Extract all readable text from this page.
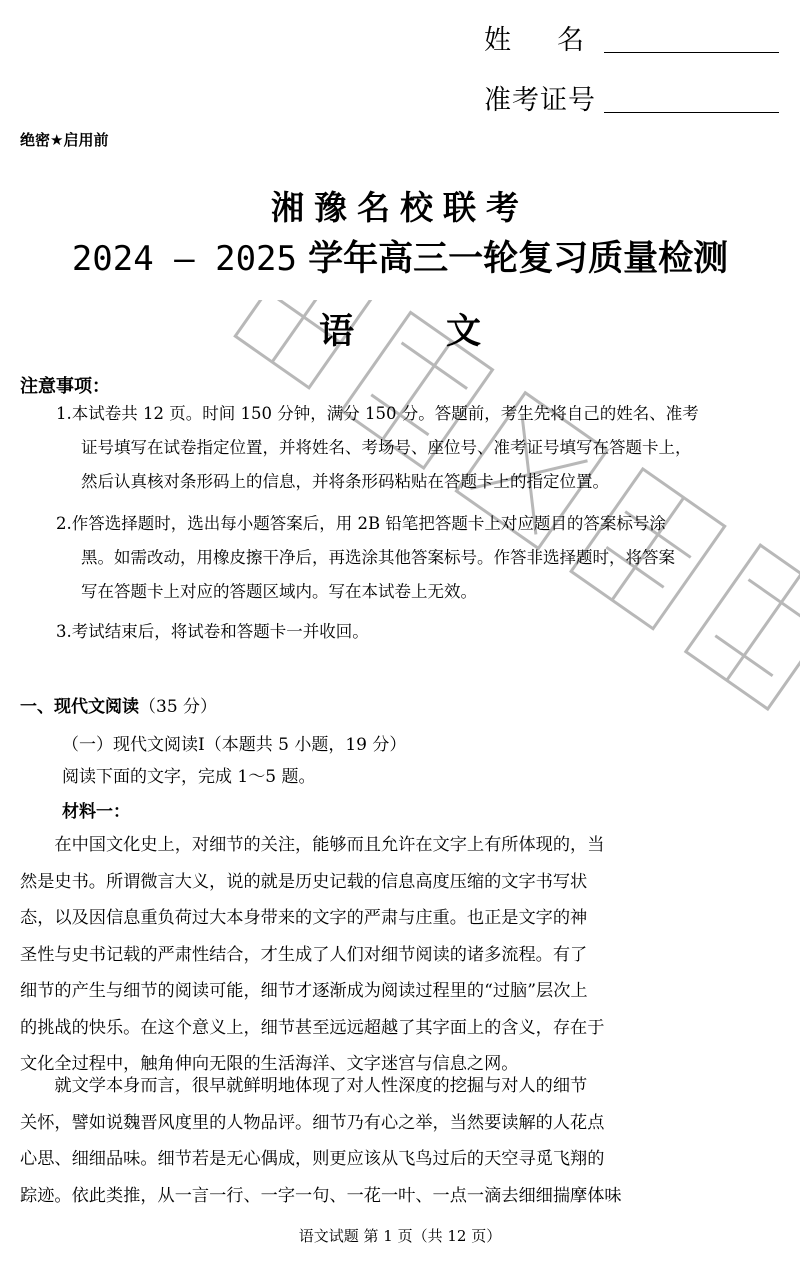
姓名
准考证号
绝密★启用前
湘豫名校联考
2024 — 2025 学年高三一轮复习质量检测
语	文
注意事项：
1.本试卷共 12 页。时间 150 分钟，满分 150 分。答题前，考生先将自己的姓名、准考
证号填写在试卷指定位置，并将姓名、考场号、座位号、准考证号填写在答题卡上，
然后认真核对条形码上的信息，并将条形码粘贴在答题卡上的指定位置。
2.作答选择题时，选出每小题答案后，用 2B 铅笔把答题卡上对应题目的答案标号涂
黑。如需改动，用橡皮擦干净后，再选涂其他答案标号。作答非选择题时，将答案
写在答题卡上对应的答题区域内。写在本试卷上无效。
3.考试结束后，将试卷和答题卡一并收回。
一、现代文阅读（35 分）
（一）现代文阅读Ⅰ（本题共 5 小题，19 分）
阅读下面的文字，完成 1～5 题。
材料一：
　　在中国文化史上，对细节的关注，能够而且允许在文字上有所体现的，当
然是史书。所谓微言大义，说的就是历史记载的信息高度压缩的文字书写状
态，以及因信息重负荷过大本身带来的文字的严肃与庄重。也正是文字的神
圣性与史书记载的严肃性结合，才生成了人们对细节阅读的诸多流程。有了
细节的产生与细节的阅读可能，细节才逐渐成为阅读过程里的“过脑”层次上
的挑战的快乐。在这个意义上，细节甚至远远超越了其字面上的含义，存在于
文化全过程中，触角伸向无限的生活海洋、文字迷宫与信息之网。
　　就文学本身而言，很早就鲜明地体现了对人性深度的挖掘与对人的细节
关怀，譬如说魏晋风度里的人物品评。细节乃有心之举，当然要读解的人花点
心思、细细品味。细节若是无心偶成，则更应该从飞鸟过后的天空寻觅飞翔的
踪迹。依此类推，从一言一行、一字一句、一花一叶、一点一滴去细细揣摩体味
语文试题 第 1 页（共 12 页）
